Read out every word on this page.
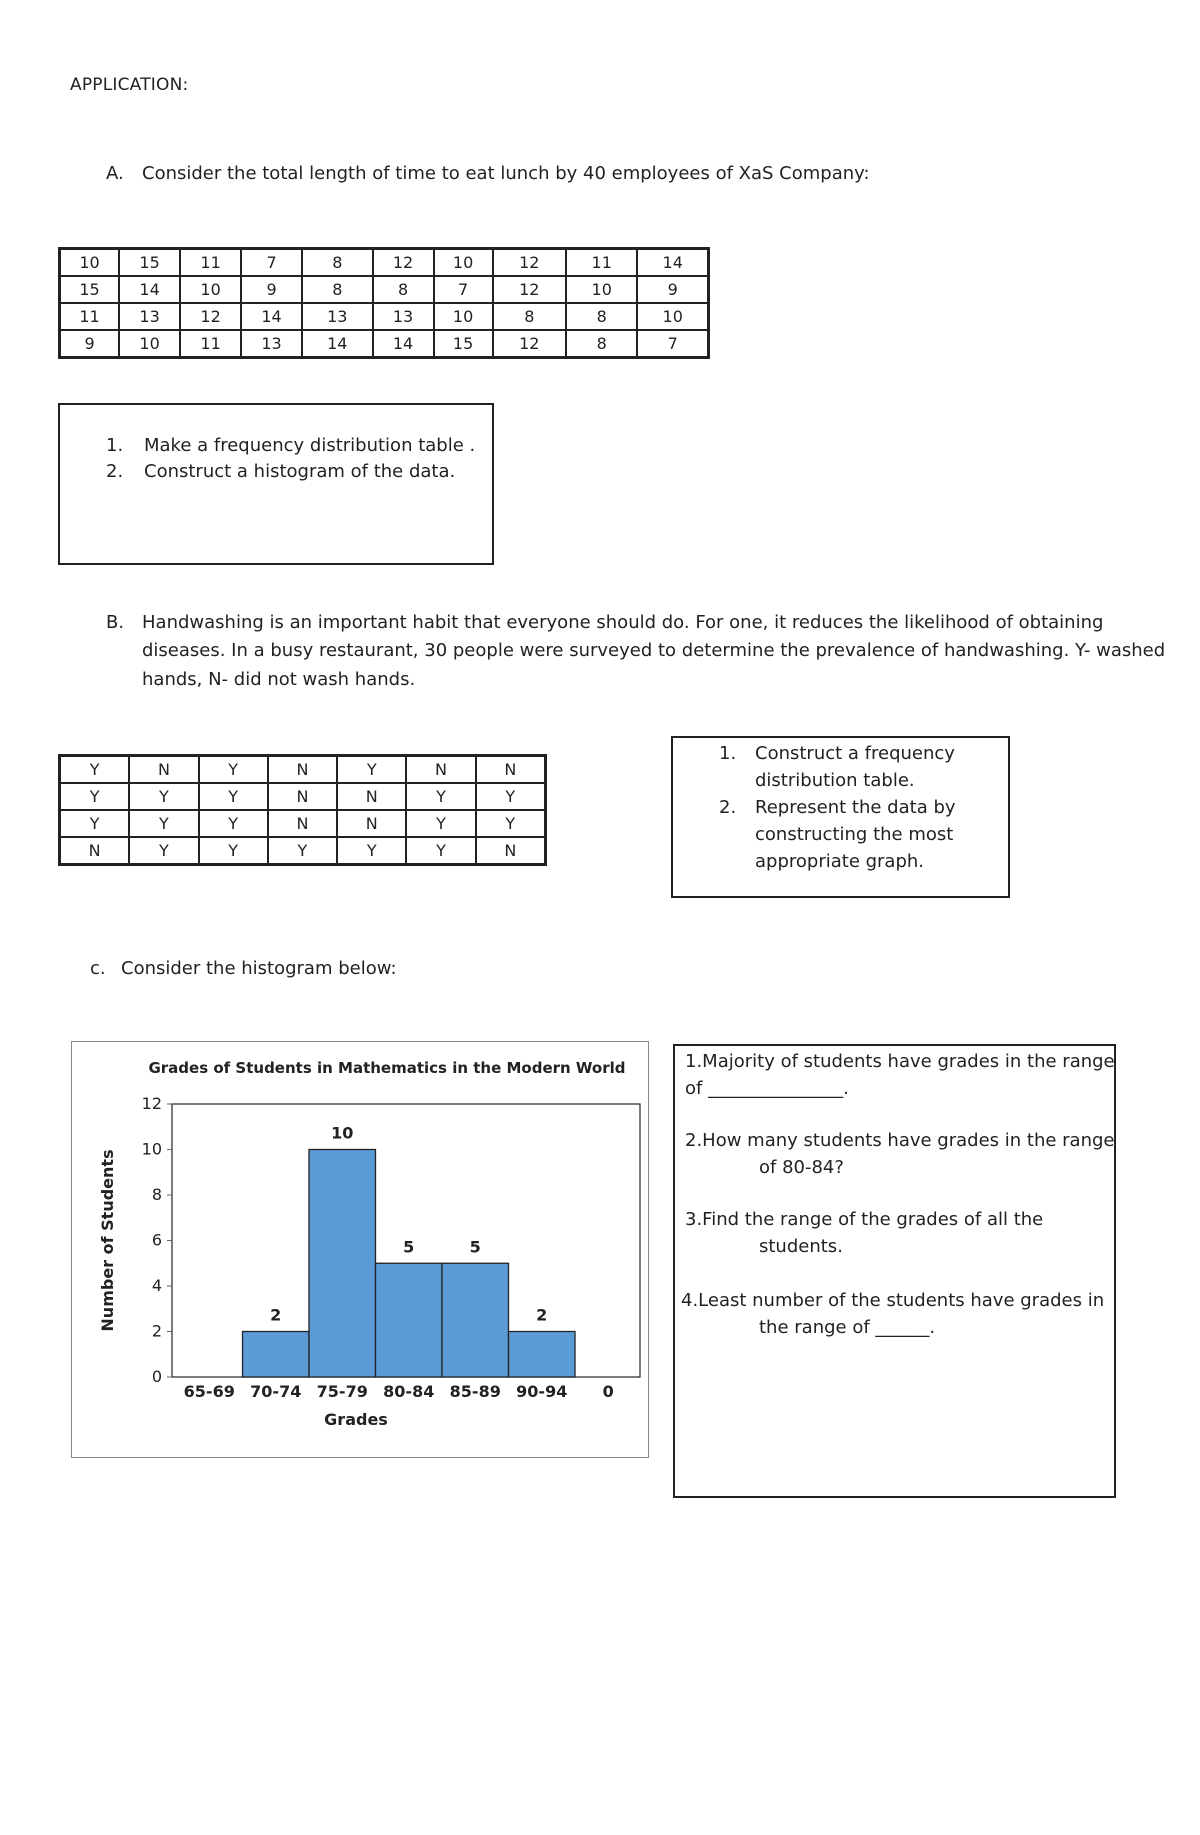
APPLICATION:
A. Consider the total length of time to eat lunch by 40 employees of XaS Company:
10	15	11	7	8	12	10	12	11	14
15	14	10	9	8	8	7	12	10	9
11	13	12	14	13	13	10	8	8	10
9	10	11	13	14	14	15	12	8	7
1. Make a frequency distribution table .
2. Construct a histogram of the data.
B. Handwashing is an important habit that everyone should do. For one, it reduces the likelihood of obtaining
diseases. In a busy restaurant, 30 people were surveyed to determine the prevalence of handwashing. Y- washed
hands, N- did not wash hands.
Y	N	Y	N	Y	N	N
Y	Y	Y	N	N	Y	Y
Y	Y	Y	N	N	Y	Y
N	Y	Y	Y	Y	Y	N
1. Construct a frequency
distribution table.
2. Represent the data by
constructing the most
appropriate graph.
c. Consider the histogram below:
Grades of Students in Mathematics in the Modern World
0
2
4
6
8
10
12
Number of Students
65-69
2
70-74
10
75-79
5
80-84
5
85-89
2
90-94 0
Grades
1.Majority of students have grades in the range
of _______________.
2.How many students have grades in the range
of 80-84?
3.Find the range of the grades of all the
students.
4.Least number of the students have grades in
the range of ______.
